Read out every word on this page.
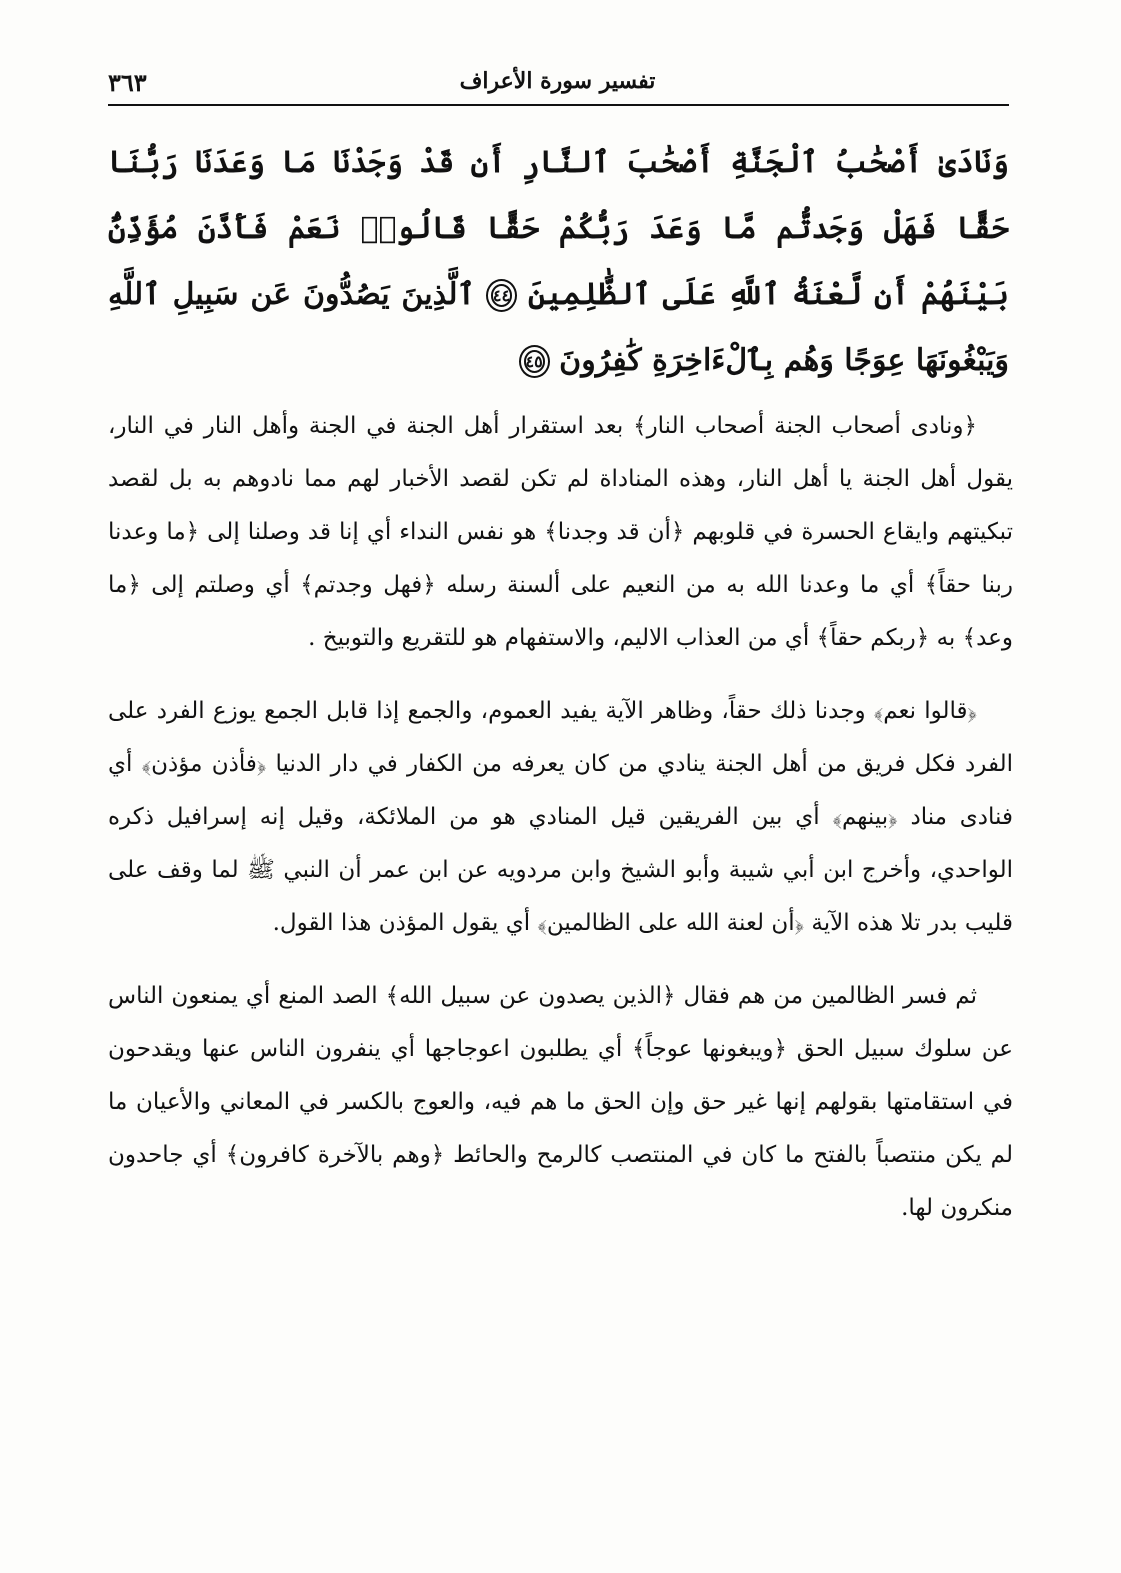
تفسير سورة الأعراف
٣٦٣
وَنَادَىٰ أَصْحَٰبُ ٱلْجَنَّةِ أَصْحَٰبَ ٱلنَّارِ أَن قَدْ وَجَدْنَا مَا وَعَدَنَا رَبُّنَا حَقًّا فَهَلْ وَجَدتُّم مَّا وَعَدَ رَبُّكُمْ حَقًّا قَالُوا۟ نَعَمْ فَأَذَّنَ مُؤَذِّنٌۢ بَيْنَهُمْ أَن لَّعْنَةُ ٱللَّهِ عَلَى ٱلظَّٰلِمِينَ ٤٤ ٱلَّذِينَ يَصُدُّونَ عَن سَبِيلِ ٱللَّهِ وَيَبْغُونَهَا عِوَجًا وَهُم بِٱلْءَاخِرَةِ كَٰفِرُونَ ٤٥

﴿ونادى أصحاب الجنة أصحاب النار﴾ بعد استقرار أهل الجنة في الجنة وأهل النار في النار، يقول أهل الجنة يا أهل النار، وهذه المناداة لم تكن لقصد الأخبار لهم مما نادوهم به بل لقصد تبكيتهم وايقاع الحسرة في قلوبهم ﴿أن قد وجدنا﴾ هو نفس النداء أي إنا قد وصلنا إلى ﴿ما وعدنا ربنا حقاً﴾ أي ما وعدنا الله به من النعيم على ألسنة رسله ﴿فهل وجدتم﴾ أي وصلتم إلى ﴿ما وعد﴾ به ﴿ربكم حقاً﴾ أي من العذاب الاليم، والاستفهام هو للتقريع والتوبيخ .

﴿قالوا نعم﴾ وجدنا ذلك حقاً، وظاهر الآية يفيد العموم، والجمع إذا قابل الجمع يوزع الفرد على الفرد فكل فريق من أهل الجنة ينادي من كان يعرفه من الكفار في دار الدنيا ﴿فأذن مؤذن﴾ أي فنادى مناد ﴿بينهم﴾ أي بين الفريقين قيل المنادي هو من الملائكة، وقيل إنه إسرافيل ذكره الواحدي، وأخرج ابن أبي شيبة وأبو الشيخ وابن مردويه عن ابن عمر أن النبي ﷺ لما وقف على قليب بدر تلا هذه الآية ﴿أن لعنة الله على الظالمين﴾ أي يقول المؤذن هذا القول.

ثم فسر الظالمين من هم فقال ﴿الذين يصدون عن سبيل الله﴾ الصد المنع أي يمنعون الناس عن سلوك سبيل الحق ﴿ويبغونها عوجاً﴾ أي يطلبون اعوجاجها أي ينفرون الناس عنها ويقدحون في استقامتها بقولهم إنها غير حق وإن الحق ما هم فيه، والعوج بالكسر في المعاني والأعيان ما لم يكن منتصباً بالفتح ما كان في المنتصب كالرمح والحائط ﴿وهم بالآخرة كافرون﴾ أي جاحدون منكرون لها.
